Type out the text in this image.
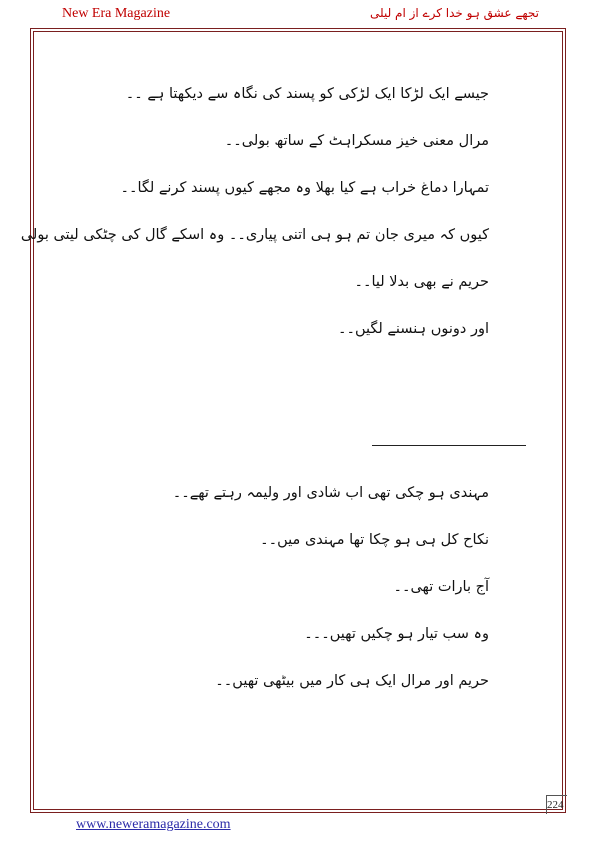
New Era Magazine	تجھے عشق ہو خدا کرے از ام لیلی
جیسے ایک لڑکا ایک لڑکی کو پسند کی نگاہ سے دیکھتا ہے ۔۔
مرال معنی خیز مسکراہٹ کے ساتھ بولی۔۔
تمہارا دماغ خراب ہے کیا بھلا وہ مجھے کیوں پسند کرنے لگا۔۔
کیوں کہ میری جان تم ہو ہی اتنی پیاری۔۔ وہ اسکے گال کی چٹکی لیتی بولی
حریم نے بھی بدلا لیا۔۔
اور دونوں ہنسنے لگیں۔۔
مہندی ہو چکی تھی اب شادی اور ولیمہ رہتے تھے۔۔
نکاح کل ہی ہو چکا تھا مہندی میں۔۔
آج بارات تھی۔۔
وہ سب تیار ہو چکیں تھیں۔۔۔
حریم اور مرال ایک ہی کار میں بیٹھی تھیں۔۔
224
www.neweramagazine.com
